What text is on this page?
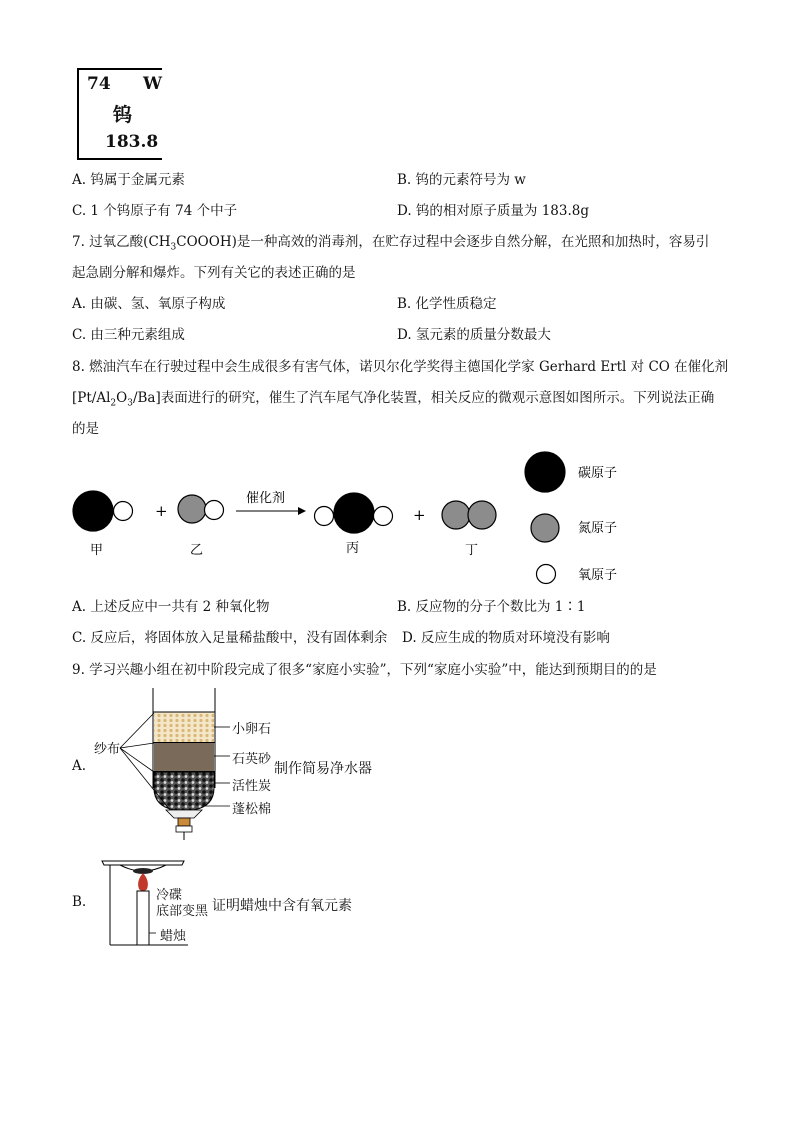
74 W
钨
183.8
A. 钨属于金属元素	B. 钨的元素符号为 w
C. 1 个钨原子有 74 个中子	D. 钨的相对原子质量为 183.8g
7. 过氧乙酸$(CH_3COOOH)$是一种高效的消毒剂，在贮存过程中会逐步自然分解，在光照和加热时，容易引
起急剧分解和爆炸。下列有关它的表述正确的是
A. 由碳、氢、氧原子构成	B. 化学性质稳定
C. 由三种元素组成	D. 氢元素的质量分数最大
8. 燃油汽车在行驶过程中会生成很多有害气体，诺贝尔化学奖得主德国化学家 Gerhard Ertl 对 CO 在催化剂
$[Pt/Al_2O_3/Ba]$表面进行的研究，催生了汽车尾气净化装置，相关反应的微观示意图如图所示。下列说法正确
的是
+
催化剂
+
甲	乙	丙	丁
碳原子
氮原子
氧原子
A. 上述反应中一共有 2 种氧化物	B. 反应物的分子个数比为 1∶1
C. 反应后，将固体放入足量稀盐酸中，没有固体剩余 D. 反应生成的物质对环境没有影响
9. 学习兴趣小组在初中阶段完成了很多“家庭小实验”，下列“家庭小实验”中，能达到预期目的的是
A.
纱布
小卵石
石英砂
制作简易净水器
活性炭
蓬松棉
B.	冷碟
底部变黑 证明蜡烛中含有氧元素
蜡烛
